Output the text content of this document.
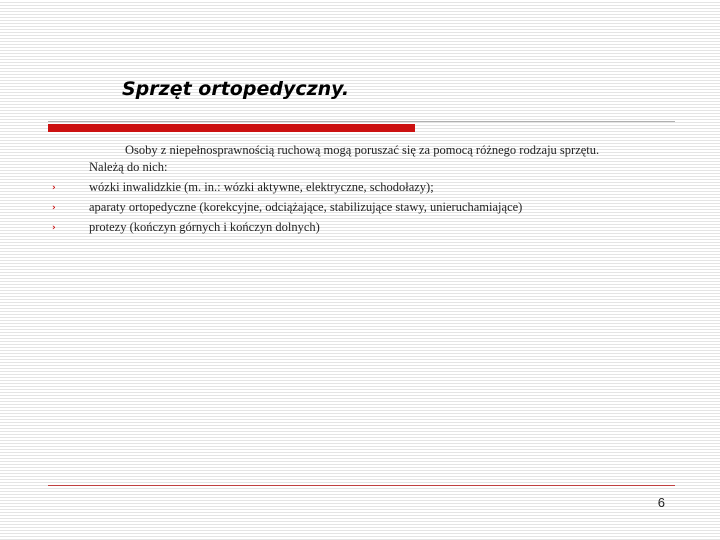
Sprzęt ortopedyczny.
Osoby z niepełnosprawnością ruchową mogą poruszać się za pomocą różnego rodzaju sprzętu.
Należą do nich:
›	wózki inwalidzkie (m. in.: wózki aktywne, elektryczne, schodołazy);
›	aparaty ortopedyczne (korekcyjne, odciążające, stabilizujące stawy, unieruchamiające)
›	protezy (kończyn górnych i kończyn dolnych)
6
